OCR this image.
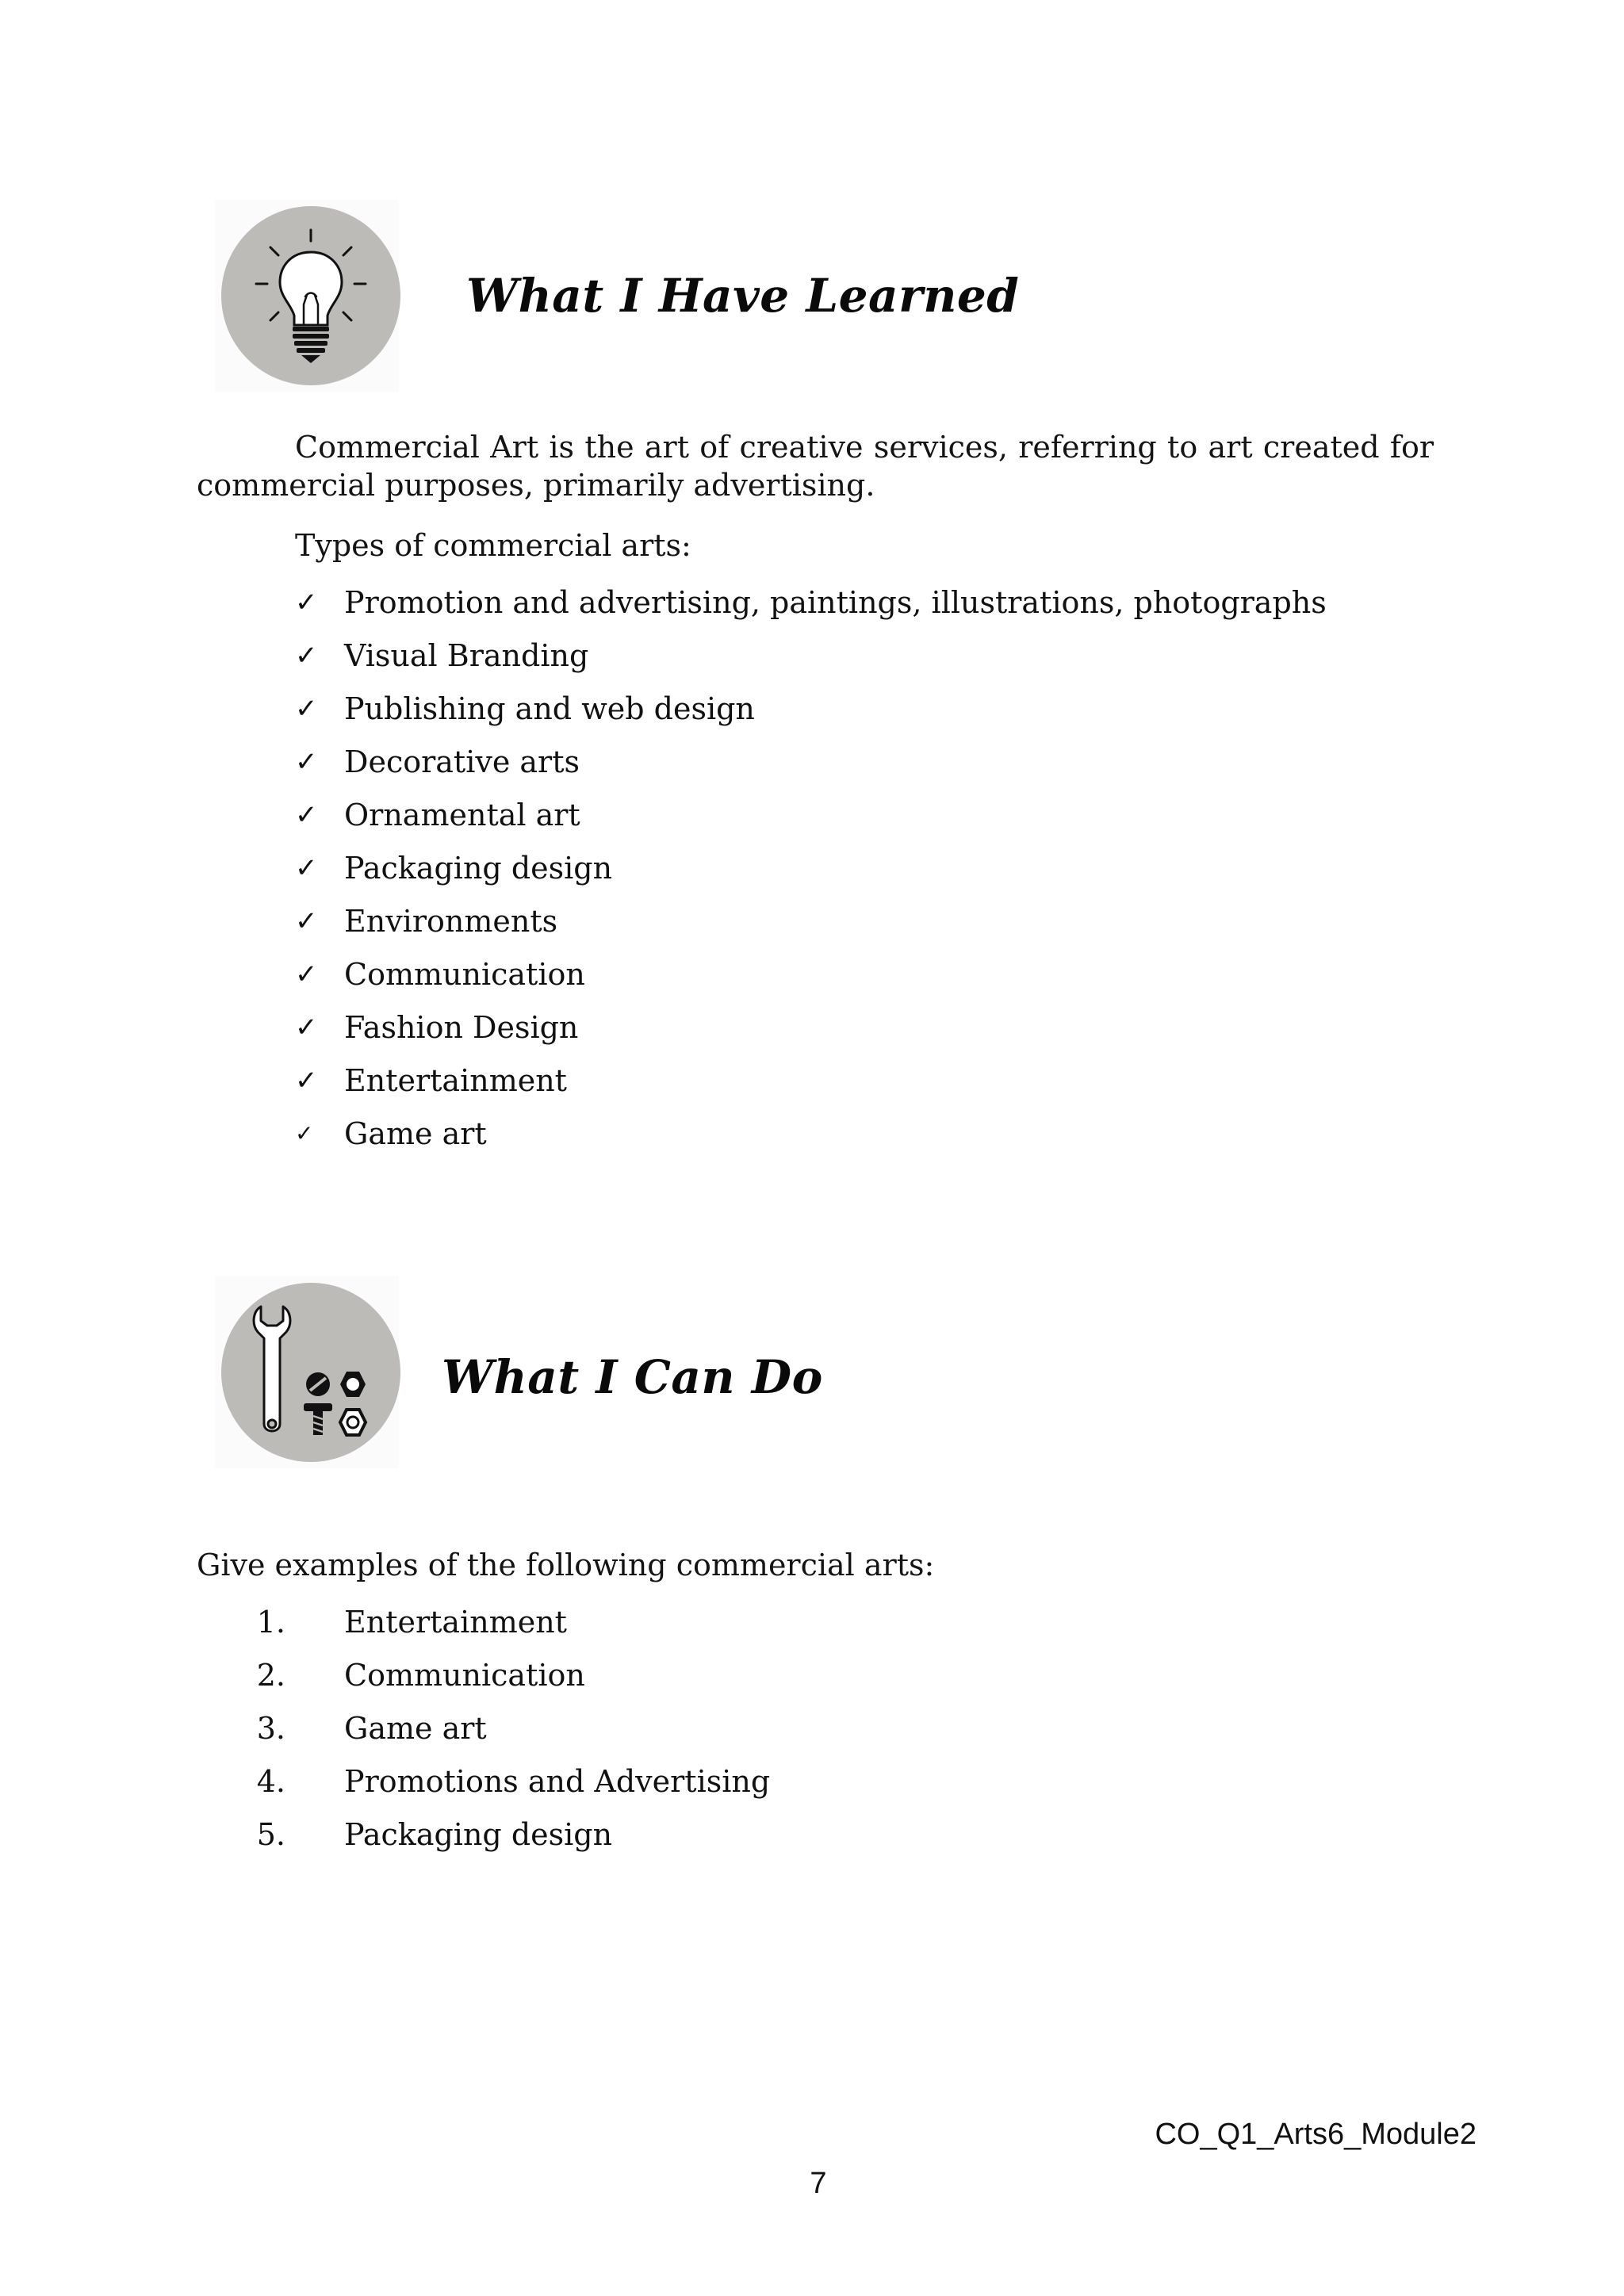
What I Have Learned

Commercial Art is the art of creative services, referring to art created for commercial purposes, primarily advertising.

Types of commercial arts:
✓ Promotion and advertising, paintings, illustrations, photographs
✓ Visual Branding
✓ Publishing and web design
✓ Decorative arts
✓ Ornamental art
✓ Packaging design
✓ Environments
✓ Communication
✓ Fashion Design
✓ Entertainment
✓	Game art
What I Can Do
Give examples of the following commercial arts:
1. Entertainment
2. Communication
3. Game art
4. Promotions and Advertising
5. Packaging design
CO_Q1_Arts6_Module2
7
